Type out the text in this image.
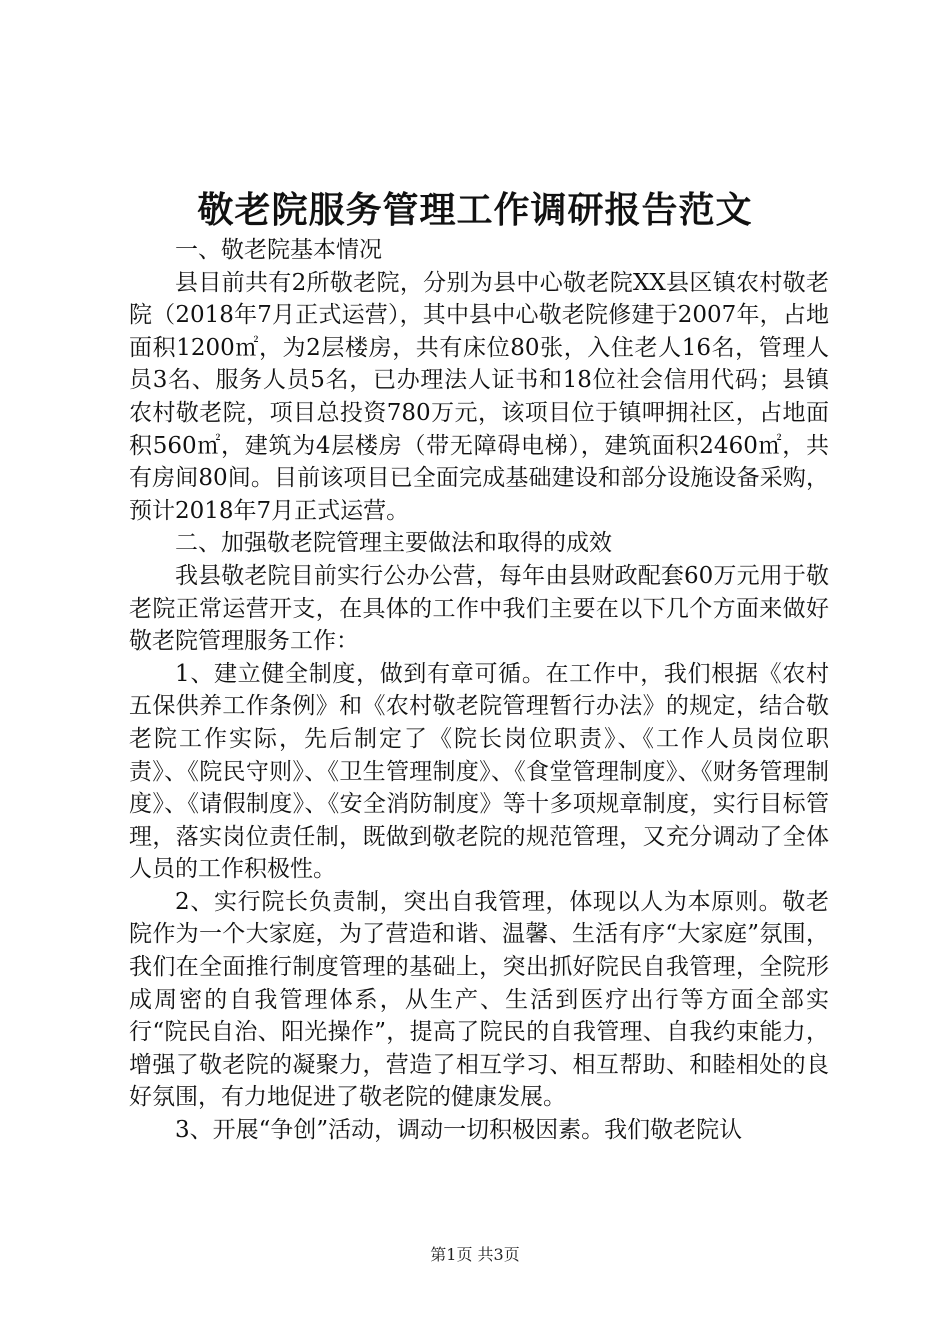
敬老院服务管理工作调研报告范文

一、敬老院基本情况

县目前共有2所敬老院，分别为县中心敬老院XX县区镇农村敬老院（2018年7月正式运营），其中县中心敬老院修建于2007年，占地面积1200㎡，为2层楼房，共有床位80张，入住老人16名，管理人员3名、服务人员5名，已办理法人证书和18位社会信用代码；县镇农村敬老院，项目总投资780万元，该项目位于镇呷拥社区，占地面积560㎡，建筑为4层楼房（带无障碍电梯），建筑面积2460㎡，共有房间80间。目前该项目已全面完成基础建设和部分设施设备采购，预计2018年7月正式运营。

二、加强敬老院管理主要做法和取得的成效

我县敬老院目前实行公办公营，每年由县财政配套60万元用于敬老院正常运营开支，在具体的工作中我们主要在以下几个方面来做好敬老院管理服务工作：

1、建立健全制度，做到有章可循。在工作中，我们根据《农村五保供养工作条例》和《农村敬老院管理暂行办法》的规定，结合敬老院工作实际，先后制定了《院长岗位职责》、《工作人员岗位职责》、《院民守则》、《卫生管理制度》、《食堂管理制度》、《财务管理制度》、《请假制度》、《安全消防制度》等十多项规章制度，实行目标管理，落实岗位责任制，既做到敬老院的规范管理，又充分调动了全体人员的工作积极性。

2、实行院长负责制，突出自我管理，体现以人为本原则。敬老院作为一个大家庭，为了营造和谐、温馨、生活有序“大家庭”氛围，我们在全面推行制度管理的基础上，突出抓好院民自我管理，全院形成周密的自我管理体系，从生产、生活到医疗出行等方面全部实行“院民自治、阳光操作”，提高了院民的自我管理、自我约束能力，增强了敬老院的凝聚力，营造了相互学习、相互帮助、和睦相处的良好氛围，有力地促进了敬老院的健康发展。

3、开展“争创”活动，调动一切积极因素。我们敬老院认

第1页 共3页
